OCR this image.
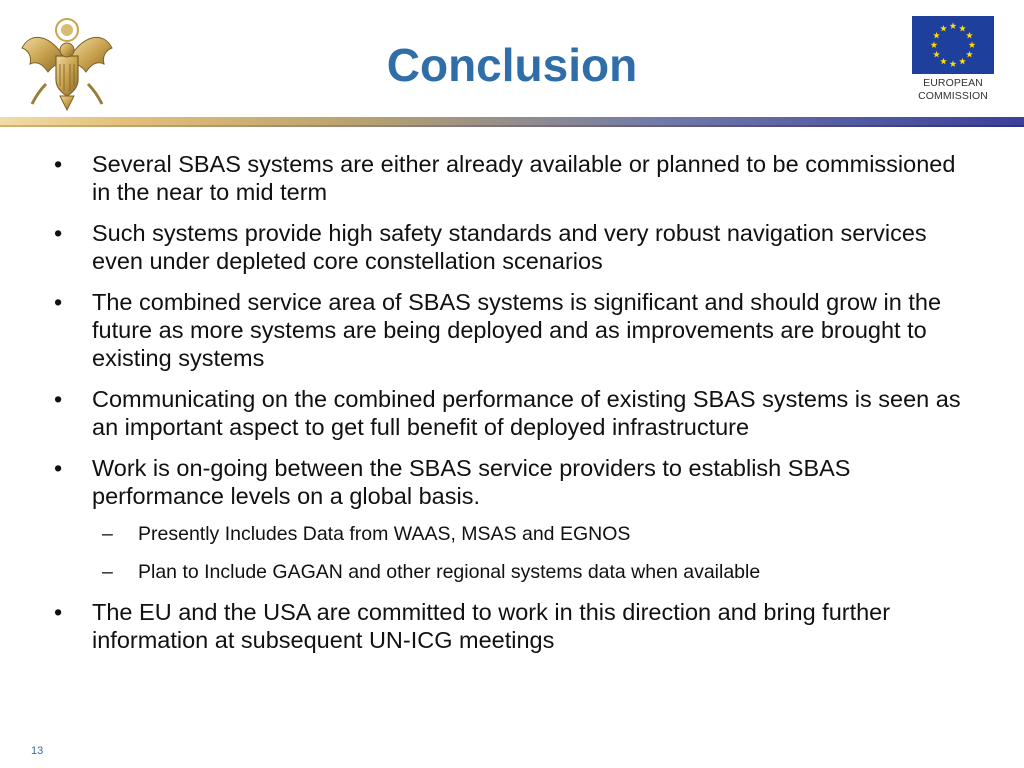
Conclusion	EUROPEAN
COMMISSION
• Several SBAS systems are either already available or planned to be commissioned in the near to mid term
• Such systems provide high safety standards and very robust navigation services even under depleted core constellation scenarios
• The combined service area of SBAS systems is significant and should grow in the future as more systems are being deployed and as improvements are brought to existing systems
• Communicating on the combined performance of existing SBAS systems is seen as an important aspect to get full benefit of deployed infrastructure
• Work is on-going between the SBAS service providers to establish SBAS performance levels on a global basis.
– Presently Includes Data from WAAS, MSAS and EGNOS
– Plan to Include GAGAN and other regional systems data when available
• The EU and the USA are committed to work in this direction and bring further information at subsequent UN-ICG meetings
13
